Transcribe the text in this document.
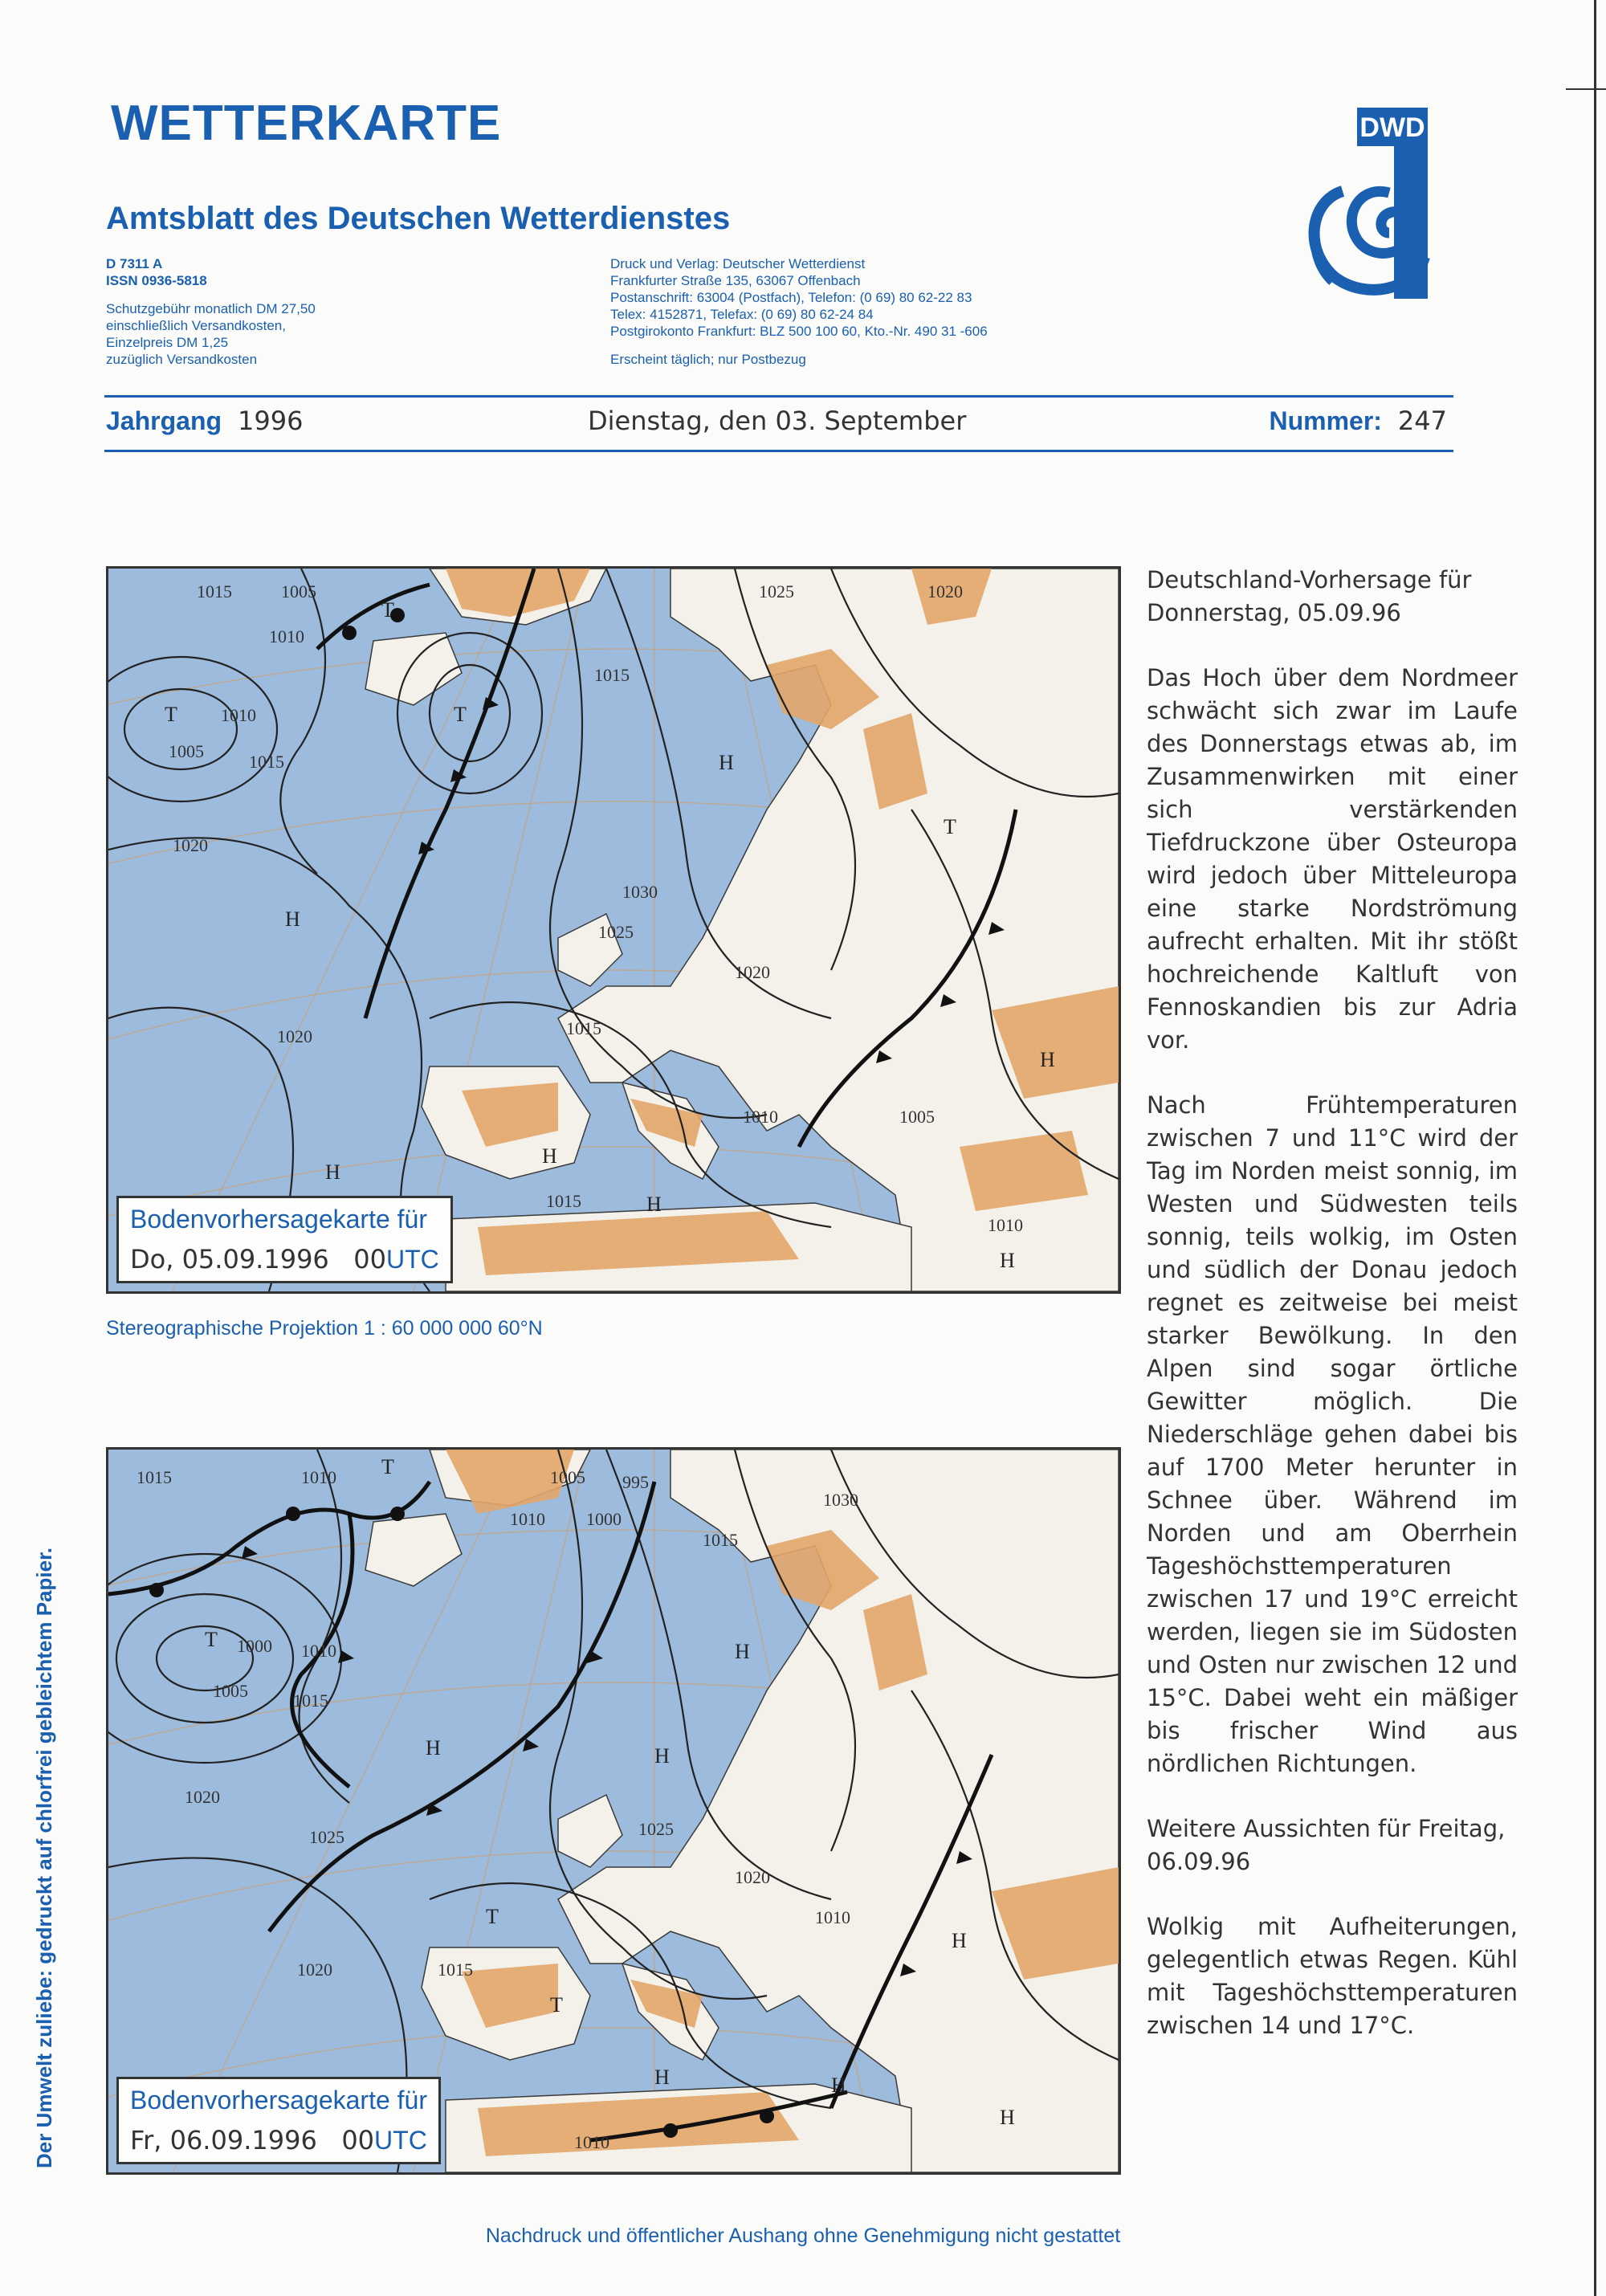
WETTERKARTE	DWD
Amtsblatt des Deutschen Wetterdienstes
D 7311 A
ISSN 0936-5818
Schutzgebühr monatlich DM 27,50
einschließlich Versandkosten,
Einzelpreis DM 1,25
zuzüglich Versandkosten
Druck und Verlag: Deutscher Wetterdienst
Frankfurter Straße 135, 63067 Offenbach
Postanschrift: 63004 (Postfach), Telefon: (0 69) 80 62-22 83
Telex: 4152871, Telefax: (0 69) 80 62-24 84
Postgirokonto Frankfurt: BLZ 500 100 60, Kto.-Nr. 490 31 -606
Erscheint täglich; nur Postbezug
Jahrgang 1996	Dienstag, den 03. September	Nummer: 247
1015	1005
1010
1010
1005
1015
1020
1015
1025	1020
1030
1025
1020
1015
1020
1010	1005
1015
1010
T
T	T
H
H
H
H
H
H
T
H
Bodenvorhersagekarte für
Do, 05.09.1996 00UTC
Stereographische Projektion 1 : 60 000 000 60°N
1015	1010	1005 995
1010 1000
1030
1015
1000 1010
1005	1015
1020
1025
1020	1015
1025
1020
1010
1010
T
T
H	H
H
T
T
H	H
H
H
Bodenvorhersagekarte für
Fr, 06.09.1996 00UTC

Deutschland-Vorhersage für Donnerstag, 05.09.96

Das Hoch über dem Nordmeer schwächt sich zwar im Laufe des Donnerstags etwas ab, im Zusammenwirken mit einer sich verstärkenden Tiefdruckzone über Osteuropa wird jedoch über Mitteleuropa eine starke Nordströmung aufrecht erhalten. Mit ihr stößt hochreichende Kaltluft von Fennoskandien bis zur Adria vor.

Nach Frühtemperaturen zwischen 7 und 11°C wird der Tag im Norden meist sonnig, im Westen und Südwesten teils sonnig, teils wolkig, im Osten und südlich der Donau jedoch regnet es zeitweise bei meist starker Bewölkung. In den Alpen sind sogar örtliche Gewitter möglich. Die Niederschläge gehen dabei bis auf 1700 Meter herunter in Schnee über. Während im Norden und am Oberrhein Tageshöchsttemperaturen zwischen 17 und 19°C erreicht werden, liegen sie im Südosten und Osten nur zwischen 12 und 15°C. Dabei weht ein mäßiger bis frischer Wind aus nördlichen Richtungen.

Weitere Aussichten für Freitag, 06.09.96

Wolkig mit Aufheiterungen, gelegentlich etwas Regen. Kühl mit Tageshöchsttemperaturen zwischen 14 und 17°C.

Der Umwelt zuliebe: gedruckt auf chlorfrei gebleichtem Papier.
Nachdruck und öffentlicher Aushang ohne Genehmigung nicht gestattet
